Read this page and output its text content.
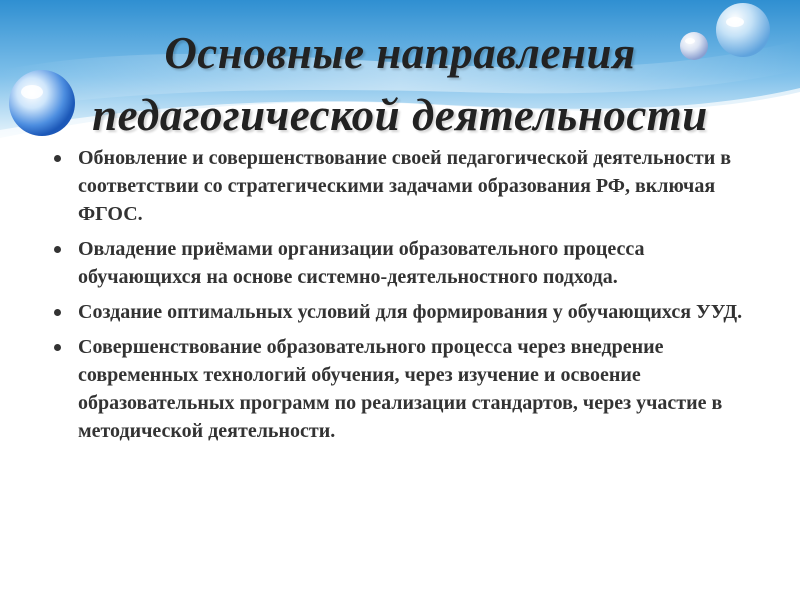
Основные направления
педагогической деятельности
Обновление и совершенствование своей педагогической деятельности в соответствии со стратегическими задачами образования РФ, включая ФГОС.
Овладение приёмами организации образовательного процесса обучающихся на основе системно-деятельностного подхода.
Создание оптимальных условий для формирования у обучающихся УУД.
Совершенствование образовательного процесса через внедрение современных технологий обучения, через изучение и освоение образовательных программ по реализации стандартов, через участие в методической деятельности.
